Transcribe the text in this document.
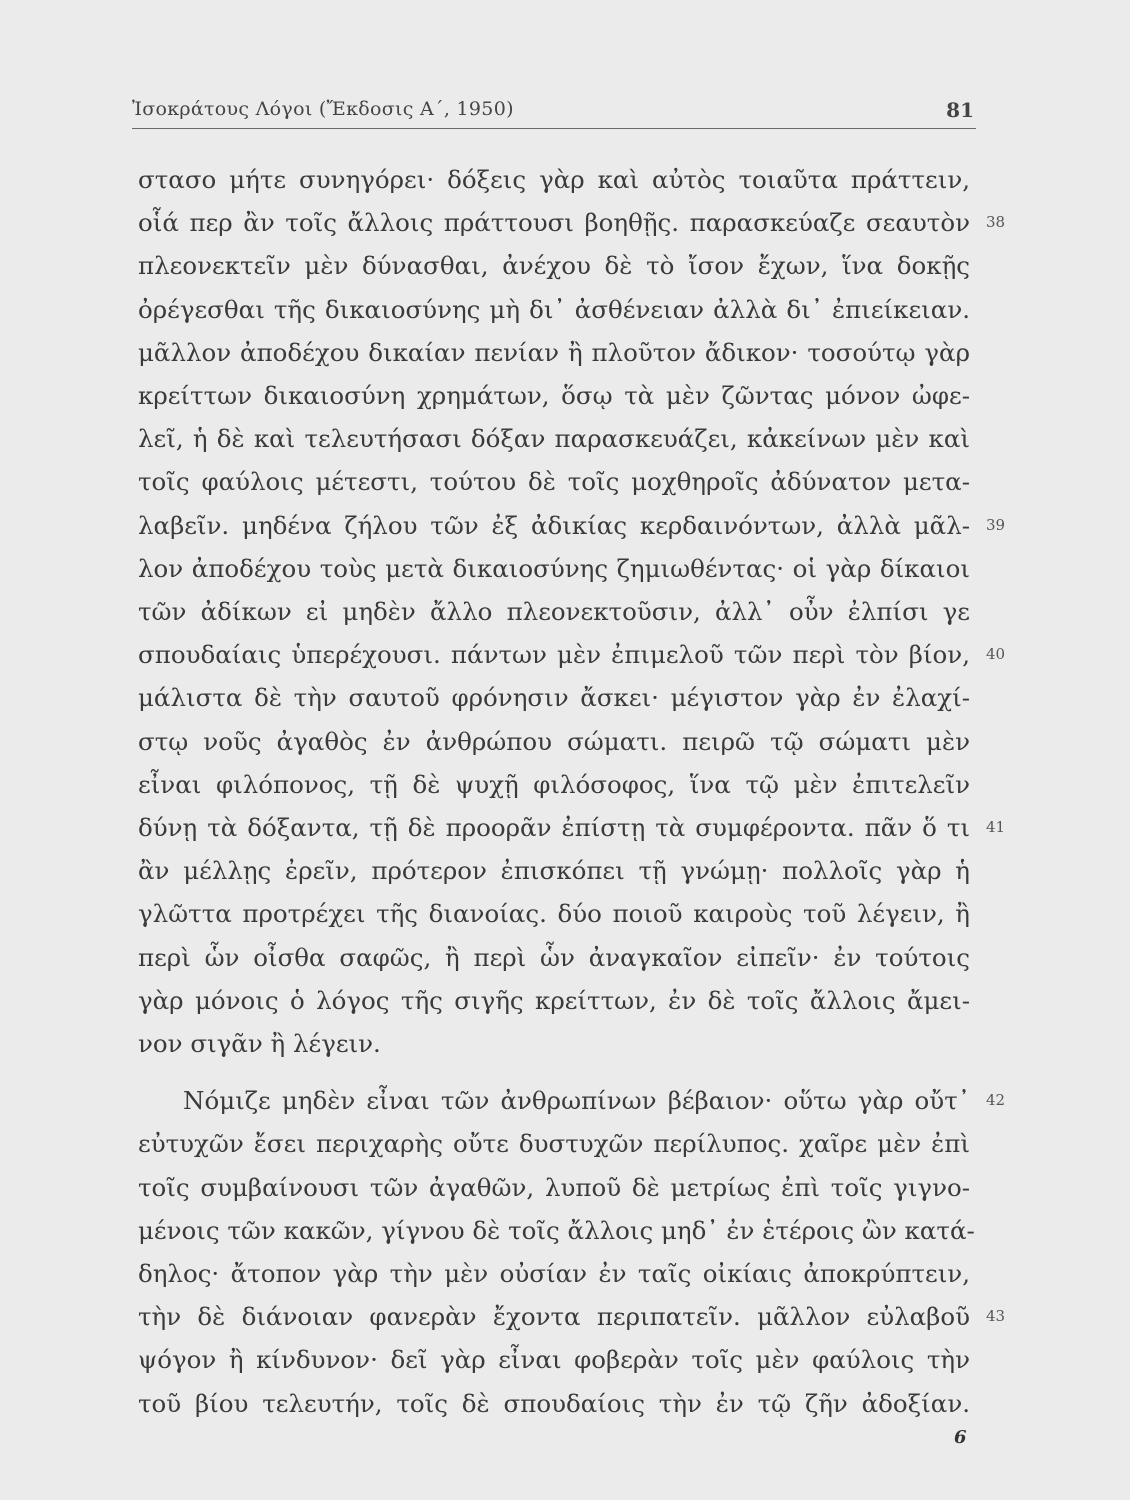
Ἰσοκράτους Λόγοι (Ἔκδοσις Α΄, 1950)	81
στασο μήτε συνηγόρει· δόξεις γὰρ καὶ αὐτὸς τοιαῦτα πράττειν,
οἷά περ ἂν τοῖς ἄλλοις πράττουσι βοηθῇς. παρασκεύαζε σεαυτὸν
πλεονεκτεῖν μὲν δύνασθαι, ἀνέχου δὲ τὸ ἴσον ἔχων, ἵνα δοκῇς
ὀρέγεσθαι τῆς δικαιοσύνης μὴ δι᾿ ἀσθένειαν ἀλλὰ δι᾿ ἐπιείκειαν.
μᾶλλον ἀποδέχου δικαίαν πενίαν ἢ πλοῦτον ἄδικον· τοσούτῳ γὰρ
κρείττων δικαιοσύνη χρημάτων, ὅσῳ τὰ μὲν ζῶντας μόνον ὠφε-
λεῖ, ἡ δὲ καὶ τελευτήσασι δόξαν παρασκευάζει, κἀκείνων μὲν καὶ
τοῖς φαύλοις μέτεστι, τούτου δὲ τοῖς μοχθηροῖς ἀδύνατον μετα-
λαβεῖν. μηδένα ζήλου τῶν ἐξ ἀδικίας κερδαινόντων, ἀλλὰ μᾶλ-
λον ἀποδέχου τοὺς μετὰ δικαιοσύνης ζημιωθέντας· οἱ γὰρ δίκαιοι
τῶν ἀδίκων εἰ μηδὲν ἄλλο πλεονεκτοῦσιν, ἀλλ᾿ οὖν ἐλπίσι γε
σπουδαίαις ὑπερέχουσι. πάντων μὲν ἐπιμελοῦ τῶν περὶ τὸν βίον,
μάλιστα δὲ τὴν σαυτοῦ φρόνησιν ἄσκει· μέγιστον γὰρ ἐν ἐλαχί-
στῳ νοῦς ἀγαθὸς ἐν ἀνθρώπου σώματι. πειρῶ τῷ σώματι μὲν
εἶναι φιλόπονος, τῇ δὲ ψυχῇ φιλόσοφος, ἵνα τῷ μὲν ἐπιτελεῖν
δύνῃ τὰ δόξαντα, τῇ δὲ προορᾶν ἐπίστῃ τὰ συμφέροντα. πᾶν ὅ τι
ἂν μέλλῃς ἐρεῖν, πρότερον ἐπισκόπει τῇ γνώμῃ· πολλοῖς γὰρ ἡ
γλῶττα προτρέχει τῆς διανοίας. δύο ποιοῦ καιροὺς τοῦ λέγειν, ἢ
περὶ ὧν οἶσθα σαφῶς, ἢ περὶ ὧν ἀναγκαῖον εἰπεῖν· ἐν τούτοις
γὰρ μόνοις ὁ λόγος τῆς σιγῆς κρείττων, ἐν δὲ τοῖς ἄλλοις ἄμει-
νον σιγᾶν ἢ λέγειν.
Νόμιζε μηδὲν εἶναι τῶν ἀνθρωπίνων βέβαιον· οὕτω γὰρ οὔτ᾿
εὐτυχῶν ἔσει περιχαρὴς οὔτε δυστυχῶν περίλυπος. χαῖρε μὲν ἐπὶ
τοῖς συμβαίνουσι τῶν ἀγαθῶν, λυποῦ δὲ μετρίως ἐπὶ τοῖς γιγνο-
μένοις τῶν κακῶν, γίγνου δὲ τοῖς ἄλλοις μηδ᾿ ἐν ἑτέροις ὢν κατά-
δηλος· ἄτοπον γὰρ τὴν μὲν οὐσίαν ἐν ταῖς οἰκίαις ἀποκρύπτειν,
τὴν δὲ διάνοιαν φανερὰν ἔχοντα περιπατεῖν. μᾶλλον εὐλαβοῦ
ψόγον ἢ κίνδυνον· δεῖ γὰρ εἶναι φοβερὰν τοῖς μὲν φαύλοις τὴν
τοῦ βίου τελευτήν, τοῖς δὲ σπουδαίοις τὴν ἐν τῷ ζῆν ἀδοξίαν.
38
39
40
41
42
43
6
